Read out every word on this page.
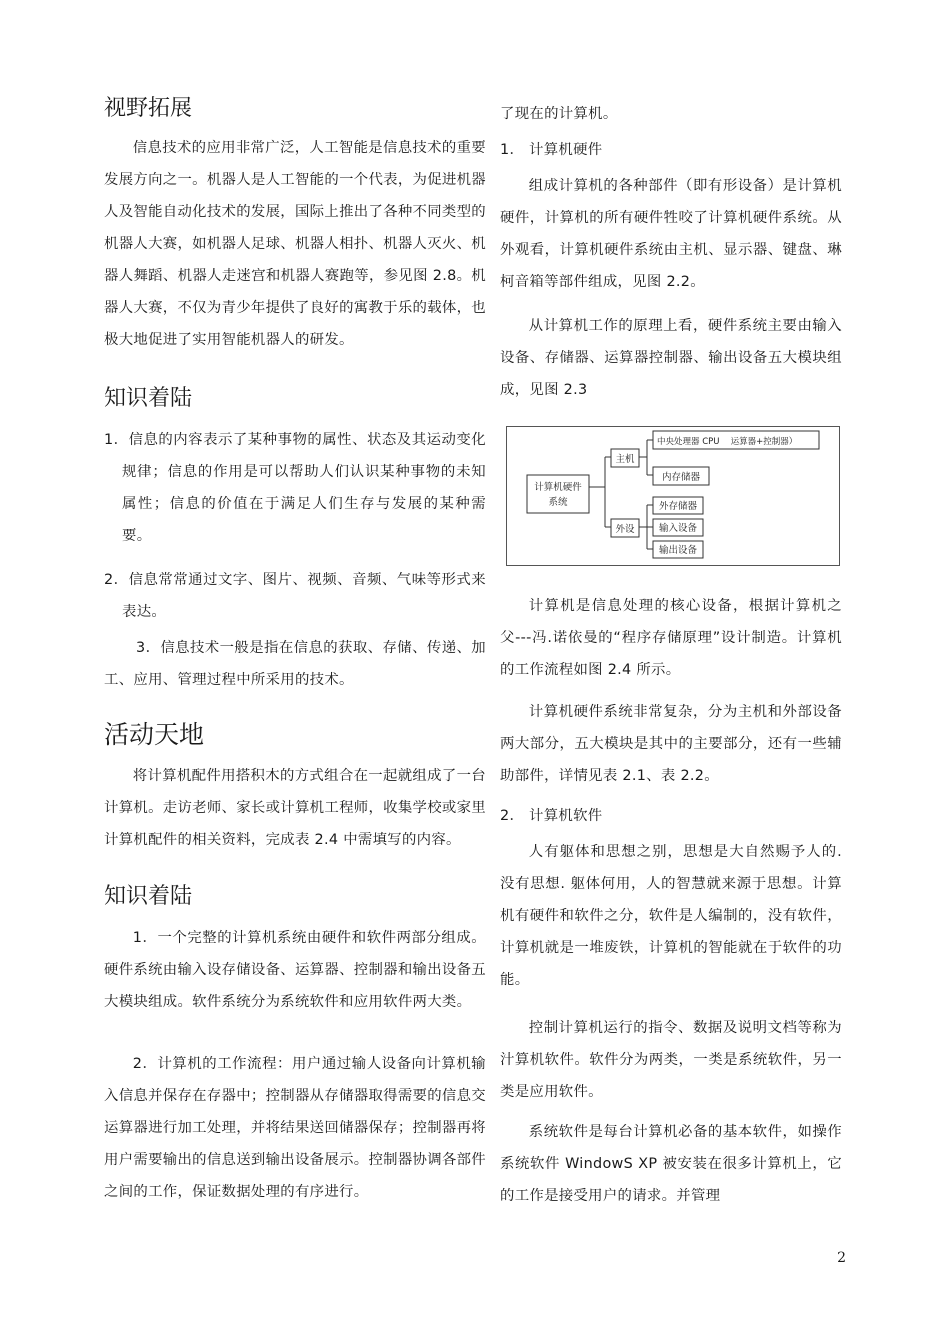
视野拓展

信息技术的应用非常广泛，人工智能是信息技术的重要发展方向之一。机器人是人工智能的一个代表，为促进机器人及智能自动化技术的发展，国际上推出了各种不同类型的机器人大赛，如机器人足球、机器人相扑、机器人灭火、机器人舞蹈、机器人走迷宫和机器人赛跑等，参见图 2.8。机器人大赛，不仅为青少年提供了良好的寓教于乐的载体，也极大地促进了实用智能机器人的研发。

知识着陆

1．信息的内容表示了某种事物的属性、状态及其运动变化规律；信息的作用是可以帮助人们认识某种事物的未知属性；信息的价值在于满足人们生存与发展的某种需要。

2．信息常常通过文字、图片、视频、音频、气味等形式来表达。

3．信息技术一般是指在信息的获取、存储、传递、加工、应用、管理过程中所采用的技术。

活动天地

将计算机配件用搭积木的方式组合在一起就组成了一台计算机。走访老师、家长或计算机工程师，收集学校或家里计算机配件的相关资料，完成表 2.4 中需填写的内容。

知识着陆

1．一个完整的计算机系统由硬件和软件两部分组成。硬件系统由输入设存储设备、运算器、控制器和输出设备五大模块组成。软件系统分为系统软件和应用软件两大类。

2．计算机的工作流程：用户通过输人设备向计算机输入信息并保存在存器中；控制器从存储器取得需要的信息交运算器进行加工处理，并将结果送回储器保存；控制器再将用户需要输出的信息送到输出设备展示。控制器协调各部件之间的工作，保证数据处理的有序进行。

了现在的计算机。

1． 计算机硬件

组成计算机的各种部件（即有形设备）是计算机硬件，计算机的所有硬件牲咬了计算机硬件系统。从外观看，计算机硬件系统由主机、显示器、键盘、琳柯音箱等部件组成，见图 2.2。

从计算机工作的原理上看，硬件系统主要由输入设备、存储器、运算器控制器、输出设备五大模块组成，见图 2.3

计算机是信息处理的核心设备，根据计算机之父---冯.诺依曼的“程序存储原理”设计制造。计算机的工作流程如图 2.4 所示。

计算机硬件系统非常复杂，分为主机和外部设备两大部分，五大模块是其中的主要部分，还有一些辅助部件，详情见表 2.1、表 2.2。

2． 计算机软件

人有躯体和思想之别，思想是大自然赐予人的. 没有思想. 躯体何用，人的智慧就来源于思想。计算机有硬件和软件之分，软件是人编制的，没有软件，计算机就是一堆废铁，计算机的智能就在于软件的功能。

控制计算机运行的指令、数据及说明文档等称为汁算机软件。软件分为两类，一类是系统软件，另一类是应用软件。

系统软件是每台计算机必备的基本软件，如操作系统软件 WindowS XP 被安装在很多计算机上，它的工作是接受用户的请求。并管理

计算机硬件
系统
主机
外设
中央处理器 CPU　 运算器+控制器）
内存储器
外存储器
输入设备
输出设备
2
